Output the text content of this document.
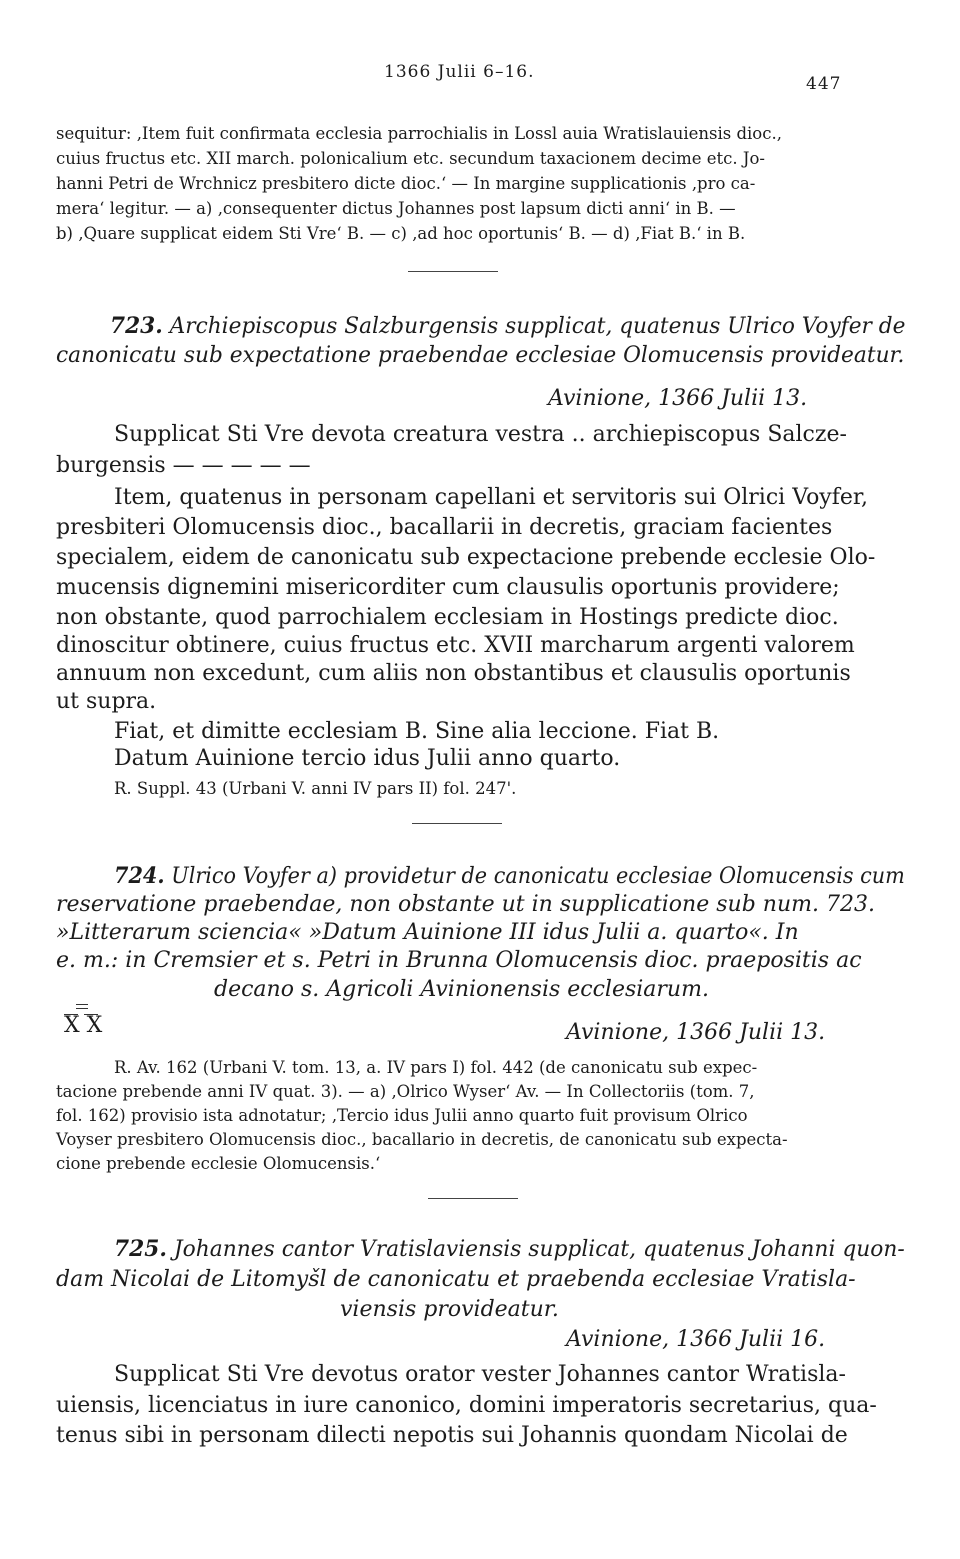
1366 Julii 6–16.
447
sequitur: ‚Item fuit confirmata ecclesia parrochialis in Lossl auia Wratislauiensis dioc.,
cuius fructus etc. XII march. polonicalium etc. secundum taxacionem decime etc. Jo-
hanni Petri de Wrchnicz presbitero dicte dioc.‘ — In margine supplicationis ‚pro ca-
mera‘ legitur. — a) ‚consequenter dictus Johannes post lapsum dicti anni‘ in B. —
b) ‚Quare supplicat eidem Sti Vre‘ B. — c) ‚ad hoc oportunis‘ B. — d) ‚Fiat B.‘ in B.
723. Archiepiscopus Salzburgensis supplicat, quatenus Ulrico Voyfer de
canonicatu sub expectatione praebendae ecclesiae Olomucensis provideatur.
Avinione, 1366 Julii 13.
Supplicat Sti Vre devota creatura vestra .. archiepiscopus Salcze-
burgensis — — — — —
Item, quatenus in personam capellani et servitoris sui Olrici Voyfer,
presbiteri Olomucensis dioc., bacallarii in decretis, graciam facientes
specialem, eidem de canonicatu sub expectacione prebende ecclesie Olo-
mucensis dignemini misericorditer cum clausulis oportunis providere;
non obstante, quod parrochialem ecclesiam in Hostings predicte dioc.
dinoscitur obtinere, cuius fructus etc. XVII marcharum argenti valorem
annuum non excedunt, cum aliis non obstantibus et clausulis oportunis
ut supra.
Fiat, et dimitte ecclesiam B. Sine alia leccione. Fiat B.
Datum Auinione tercio idus Julii anno quarto.
R. Suppl. 43 (Urbani V. anni IV pars II) fol. 247'.
724. Ulrico Voyfer a) providetur de canonicatu ecclesiae Olomucensis cum
reservatione praebendae, non obstante ut in supplicatione sub num. 723.
»Litterarum sciencia« »Datum Auinione III idus Julii a. quarto«. In
e. m.: in Cremsier et s. Petri in Brunna Olomucensis dioc. praepositis ac
decano s. Agricoli Avinionensis ecclesiarum.
X X	Avinione, 1366 Julii 13.
R. Av. 162 (Urbani V. tom. 13, a. IV pars I) fol. 442 (de canonicatu sub expec-
tacione prebende anni IV quat. 3). — a) ‚Olrico Wyser‘ Av. — In Collectoriis (tom. 7,
fol. 162) provisio ista adnotatur; ‚Tercio idus Julii anno quarto fuit provisum Olrico
Voyser presbitero Olomucensis dioc., bacallario in decretis, de canonicatu sub expecta-
cione prebende ecclesie Olomucensis.‘
725. Johannes cantor Vratislaviensis supplicat, quatenus Johanni quon-
dam Nicolai de Litomyšl de canonicatu et praebenda ecclesiae Vratisla-
viensis provideatur.
Avinione, 1366 Julii 16.
Supplicat Sti Vre devotus orator vester Johannes cantor Wratisla-
uiensis, licenciatus in iure canonico, domini imperatoris secretarius, qua-
tenus sibi in personam dilecti nepotis sui Johannis quondam Nicolai de
